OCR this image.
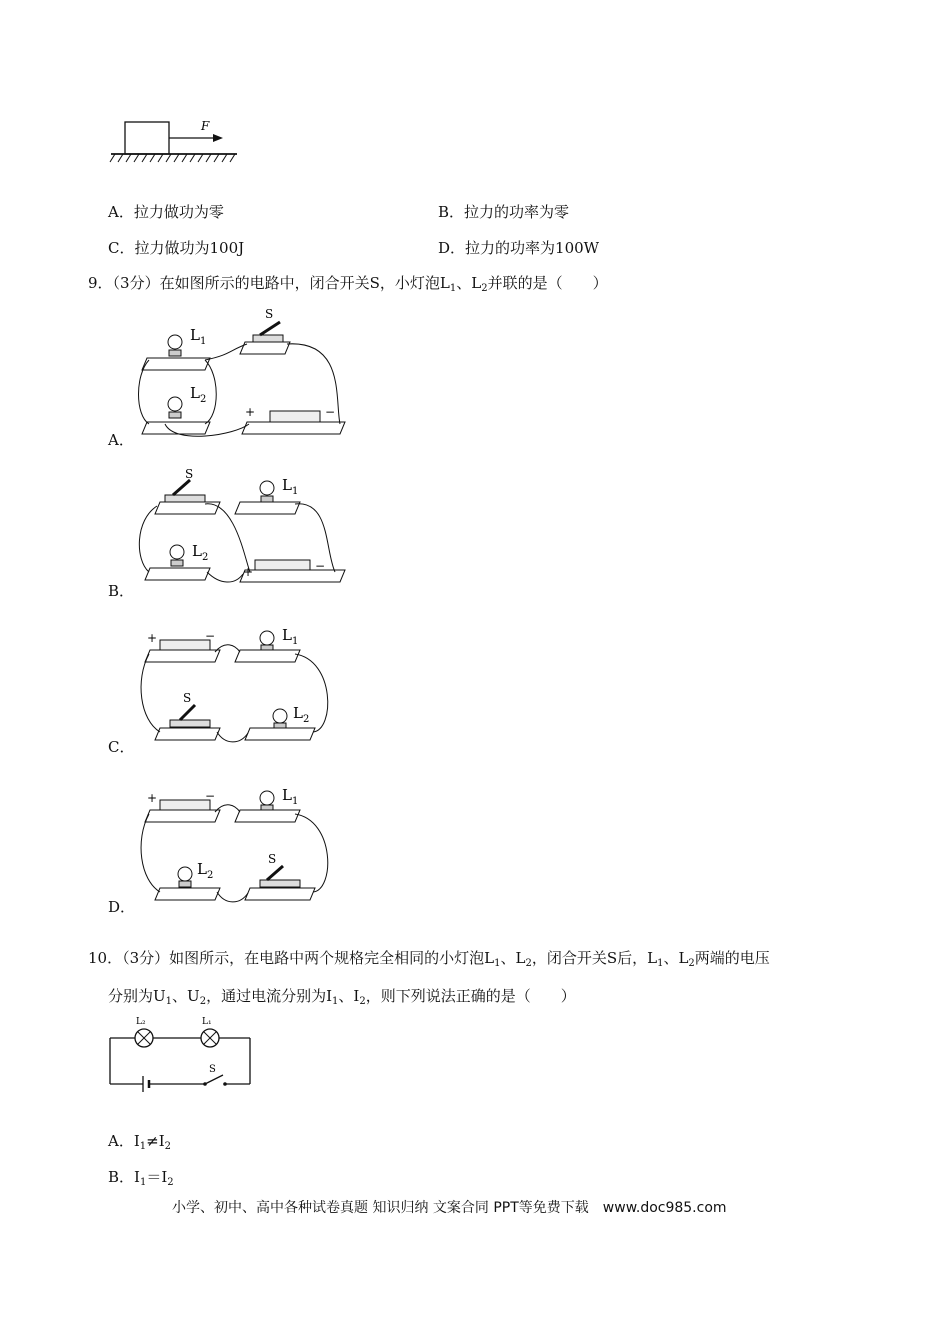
F
A．拉力做功为零	B．拉力的功率为零
C．拉力做功为100J	D．拉力的功率为100W
9．（3分）在如图所示的电路中，闭合开关S，小灯泡$L_1$、$L_2$并联的是（　　）
L 1
L 2
S
+	−
A．
S
L 1
L 2
+	−
B．
+	−	L 1
S
L 2
C．
+	−	L 1
L 2
S
D．
10．（3分）如图所示，在电路中两个规格完全相同的小灯泡$L_1$、$L_2$，闭合开关S后，$L_1$、$L_2$两端的电压
分别为$U_1$、$U_2$，通过电流分别为$I_1$、$I_2$，则下列说法正确的是（　　）
L₂	L₁
S
A．$I_1\ne I_2$
B．$I_1=I_2$
小学、初中、高中各种试卷真题 知识归纳 文案合同 PPT等免费下载 www.doc985.com
